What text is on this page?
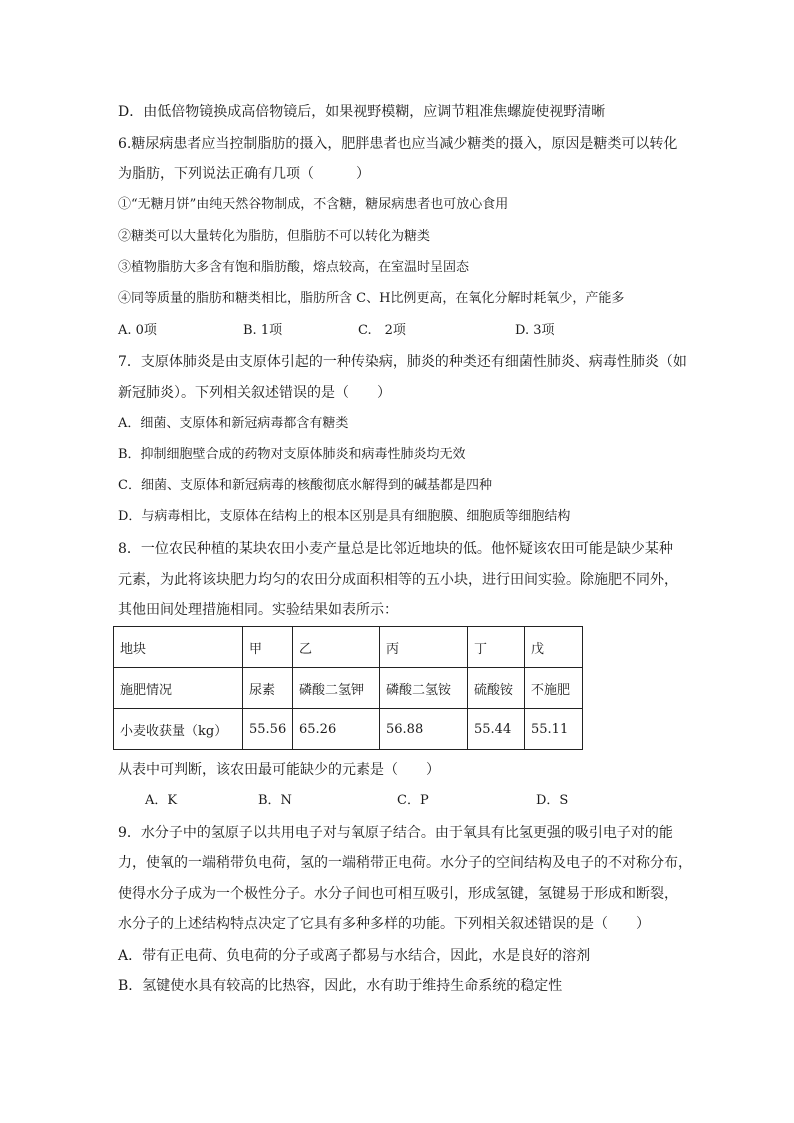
D．由低倍物镜换成高倍物镜后，如果视野模糊，应调节粗准焦螺旋使视野清晰
6.糖尿病患者应当控制脂肪的摄入，肥胖患者也应当减少糖类的摄入，原因是糖类可以转化
为脂肪，下列说法正确有几项（　　　）
①“无糖月饼”由纯天然谷物制成，不含糖，糖尿病患者也可放心食用
②糖类可以大量转化为脂肪，但脂肪不可以转化为糖类
③植物脂肪大多含有饱和脂肪酸，熔点较高，在室温时呈固态
④同等质量的脂肪和糖类相比，脂肪所含 C、H比例更高，在氧化分解时耗氧少，产能多
A. 0项	B. 1项	C.　2项	D. 3项
7．支原体肺炎是由支原体引起的一种传染病，肺炎的种类还有细菌性肺炎、病毒性肺炎（如
新冠肺炎）。下列相关叙述错误的是（　　）
A．细菌、支原体和新冠病毒都含有糖类
B．抑制细胞壁合成的药物对支原体肺炎和病毒性肺炎均无效
C．细菌、支原体和新冠病毒的核酸彻底水解得到的碱基都是四种
D．与病毒相比，支原体在结构上的根本区别是具有细胞膜、细胞质等细胞结构
8．一位农民种植的某块农田小麦产量总是比邻近地块的低。他怀疑该农田可能是缺少某种
元素，为此将该块肥力均匀的农田分成面积相等的五小块，进行田间实验。除施肥不同外，
其他田间处理措施相同。实验结果如表所示：
地块	甲	乙	丙	丁	戊
施肥情况	尿素	磷酸二氢钾	磷酸二氢铵	硫酸铵	不施肥
小麦收获量（kg）	55.56	65.26	56.88	55.44	55.11
从表中可判断，该农田最可能缺少的元素是（　　）
A．K	B．N	C．P	D．S
9．水分子中的氢原子以共用电子对与氧原子结合。由于氧具有比氢更强的吸引电子对的能
力，使氧的一端稍带负电荷，氢的一端稍带正电荷。水分子的空间结构及电子的不对称分布，
使得水分子成为一个极性分子。水分子间也可相互吸引，形成氢键，氢键易于形成和断裂，
水分子的上述结构特点决定了它具有多种多样的功能。下列相关叙述错误的是（　　）
A．带有正电荷、负电荷的分子或离子都易与水结合，因此，水是良好的溶剂
B．氢键使水具有较高的比热容，因此，水有助于维持生命系统的稳定性
